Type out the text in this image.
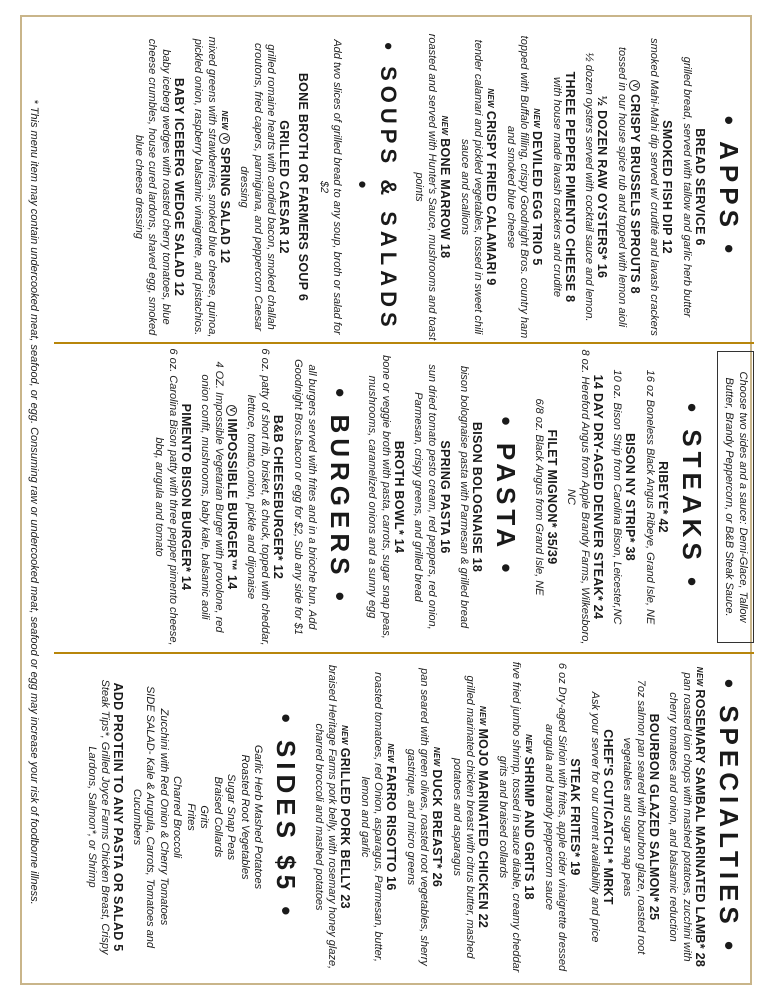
• APPS •
BREAD SERVICE 6
grilled bread, served with tallow and garlic herb butter
SMOKED FISH DIP 12
smoked Mahi-Mahi dip served w/ crudité and lavash crackers
VCRISPY BRUSSELS SPROUTS 8
tossed in our house spice rub and topped with lemon aioli
½ DOZEN RAW OYSTERS* 16
½ dozen oysters served with cocktail sauce and lemon.
THREE PEPPER PIMENTO CHEESE 8
with house made lavash crackers and crudite
NEWDEVILED EGG TRIO 5
topped with Buffalo filling, crispy Goodnight Bros. country ham and smoked blue cheese
NEWCRISPY FRIED CALAMARI 9
tender calamari and pickled vegetables, tossed in sweet chili sauce and scallions
NEWBONE MARROW 18
roasted and served with Hunter's Sauce, mushrooms and toast points
• SOUPS & SALADS •
Add two slices of grilled bread to any soup, broth or salad for $2
BONE BROTH OR FARMERS SOUP 6
GRILLED CAESAR 12
grilled romaine hearts with candied bacon, smoked challah croutons, fried capers, parmigiana, and peppercorn Caesar dressing
NEWVSPRING SALAD 12
mixed greens with strawberries, smoked blue cheese, quinoa, pickled onion, raspberry balsamic vinaigrette, and pistachios.
BABY ICEBERG WEDGE SALAD 12
baby iceberg wedges with roasted cherry tomatoes, blue cheese crumbles, house cured lardons, shaved egg, smoked blue cheese dressing
Choose two sides and a sauce: Demi-Glace, Tallow Butter, Brandy Peppercorn, or B&B Steak Sauce.
• STEAKS •
RIBEYE* 42
16 oz Boneless Black Angus Ribeye, Grand Isle, NE
BISON NY STRIP* 38
10 oz. Bison Strip from Carolina Bison, Leicester,NC
14 DAY DRY-AGED DENVER STEAK* 24
8 oz. Hereford Angus from Apple Brandy Farms, Wilkesboro, NC
FILET MIGNON* 35/39
6/8 oz. Black Angus from Grand Isle, NE
• PASTA •
BISON BOLOGNAISE 18
bison bolognaise pasta with Parmesan & grilled bread
SPRING PASTA 16
sun dried tomato pesto cream, red peppers, red onion, Parmesan, crispy greens, and grilled bread
BROTH BOWL* 14
bone or veggie broth with pasta, carrots, sugar snap peas, mushrooms, caramelized onions and a sunny egg
• BURGERS •
all burgers served with frites and in a brioche bun. Add Goodnight Bros.bacon or egg for $2, Sub any side for $1
B&B CHEESEBURGER* 12
6 oz. patty of short rib, brisket, & chuck, topped with cheddar, lettuce, tomato,onion, pickle and dijonaise
VIMPOSSIBLE BURGER™ 14
4 OZ. Impossible Vegetarian Burger with provolone, red onion confit, mushrooms, baby kale, balsamic aoili
PIMENTO BISON BURGER* 14
6 oz. Carolina Bison patty with three pepper pimento cheese, bbq, arugula and tomato
• SPECIALTIES •
NEWROSEMARY SAMBAL MARINATED LAMB* 28
pan roasted loin chops with mashed potatoes, zucchini with cherry tomatoes and onion, and balsamic reduction
BOURBON GLAZED SALMON* 25
7oz salmon pan seared with bourbon glaze, roasted root vegetables and sugar snap peas
CHEF'S CUT/CATCH * MRKT
Ask your server for our current availability and price
STEAK FRITES* 19
6 oz Dry-aged Sirloin with frites, apple cider vinaigrette dressed arugula and brandy peppercorn sauce
NEWSHRIMP AND GRITS 18
five fried jumbo shrimp, tossed in sauce diable, creamy cheddar grits and braised collards
NEWMOJO MARINATED CHICKEN 22
grilled marinated chicken breast with citrus butter, mashed potatoes and asparagus
NEWDUCK BREAST* 26
pan seared with green olives, roasted root vegetables, sherry gastrique, and micro greens
NEWFARRO RISOTTO 16
roasted tomatoes, red Onion, asparagus, Parmesan, butter, lemon and garlic
NEWGRILLED PORK BELLY 23
braised Heritage Farms pork belly, with rosemary honey glaze, charred broccoli and mashed potatoes
• SIDES $5 •
Garlic Herb Mashed Potatoes
Roasted Root Vegetables
Sugar Snap Peas
Braised Collards
Grits
Frites
Charred Broccoli
Zucchini with Red Onion & Cherry Tomatoes
SIDE SALAD- Kale & Arugula, Carrots, Tomatoes and Cucumbers
ADD PROTEIN TO ANY PASTA OR SALAD 5
Steak Tips*, Grilled Joyce Farms Chicken Breast, Crispy Lardons, Salmon*, or Shrimp
* This menu item may contain undercooked meat, seafood, or egg. Consuming raw or undercooked meat, seafood or egg may increase your risk of foodborne illness.
